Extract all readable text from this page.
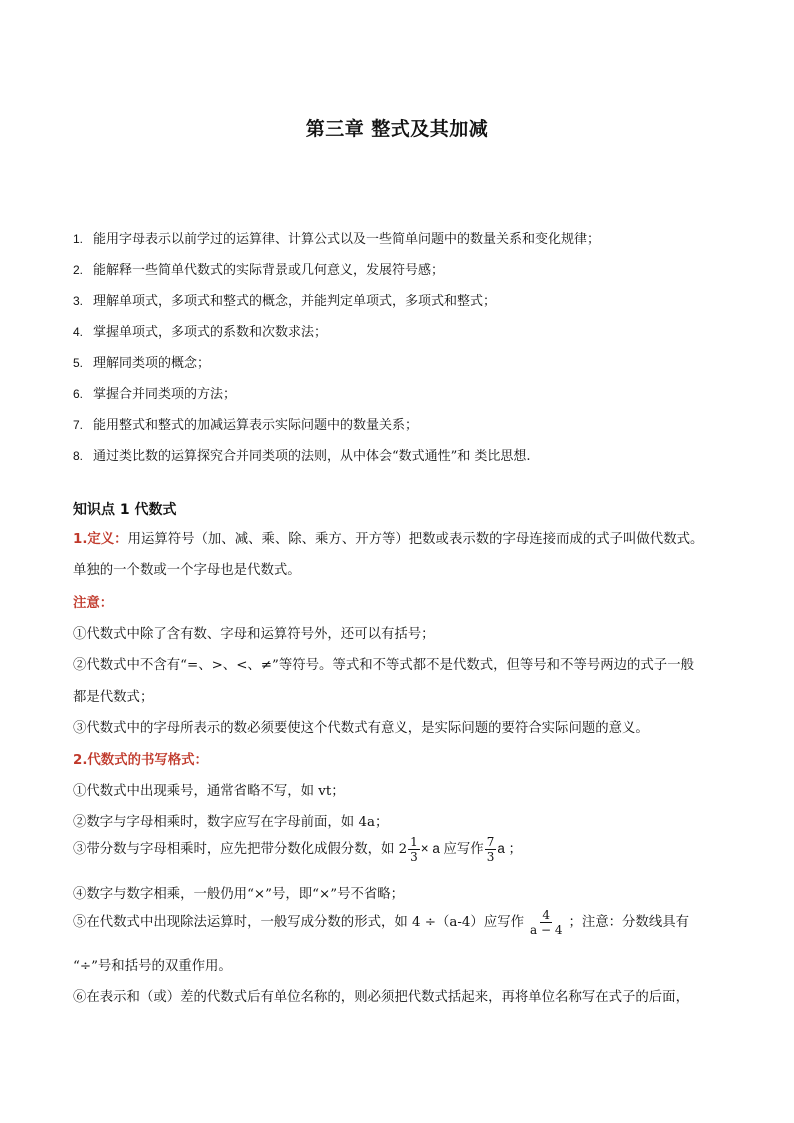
第三章 整式及其加减
1. 能用字母表示以前学过的运算律、计算公式以及一些简单问题中的数量关系和变化规律；
2. 能解释一些简单代数式的实际背景或几何意义，发展符号感；
3. 理解单项式，多项式和整式的概念，并能判定单项式，多项式和整式；
4. 掌握单项式，多项式的系数和次数求法；
5. 理解同类项的概念；
6. 掌握合并同类项的方法；
7. 能用整式和整式的加减运算表示实际问题中的数量关系；
8. 通过类比数的运算探究合并同类项的法则，从中体会“数式通性”和 类比思想.
知识点 1 代数式
1.定义：用运算符号（加、减、乘、除、乘方、开方等）把数或表示数的字母连接而成的式子叫做代数式。
单独的一个数或一个字母也是代数式。
注意：
①代数式中除了含有数、字母和运算符号外，还可以有括号；
②代数式中不含有“=、>、<、≠”等符号。等式和不等式都不是代数式，但等号和不等号两边的式子一般
都是代数式；
③代数式中的字母所表示的数必须要使这个代数式有意义，是实际问题的要符合实际问题的意义。
2.代数式的书写格式：
①代数式中出现乘号，通常省略不写，如 vt；
②数字与字母相乘时，数字应写在字母前面，如 4a；
③带分数与字母相乘时，应先把带分数化成假分数，如 $2 \frac{1}{3} \times a$ 应写作 $\frac{7}{3}$ a ；
④数字与数字相乘，一般仍用“×”号，即“×”号不省略；
⑤在代数式中出现除法运算时，一般写成分数的形式，如 4 ÷（a-4）应写作 $\frac{4}{a - 4}$ ；注意：分数线具有
“÷”号和括号的双重作用。
⑥在表示和（或）差的代数式后有单位名称的，则必须把代数式括起来，再将单位名称写在式子的后面，
